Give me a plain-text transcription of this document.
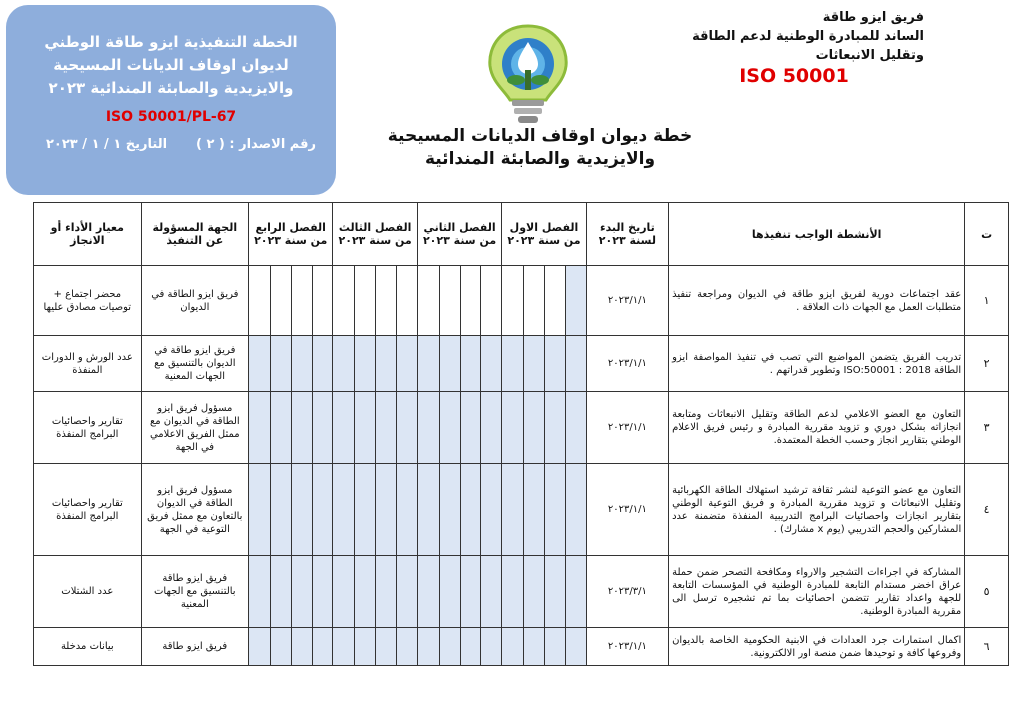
الخطة التنفيذية ايزو طاقة الوطني
لديوان اوقاف الديانات المسيحية
والايزيدية والصابئة المندائية ٢٠٢٣
ISO 50001/PL-67
رقم الاصدار : ( ٢ )
التاريخ ١ / ١ / ٢٠٢٣
فريق ايزو طاقة
الساند للمبادرة الوطنية لدعم الطاقة
وتقليل الانبعاثات
ISO 50001
خطة ديوان اوقاف الديانات المسيحية
والايزيدية والصابئة المندائية
ت	الأنشطة الواجب تنفيذها	تاريخ البدء لسنة ٢٠٢٣	الفصل الاول من سنة ٢٠٢٣				الفصل الثاني من سنة ٢٠٢٣				الفصل الثالث من سنة ٢٠٢٣				الفصل الرابع من سنة ٢٠٢٣				الجهة المسؤولة عن التنفيذ	معيار الأداء أو الانجاز
١	عقد اجتماعات دورية لفريق ايزو طاقة في الديوان ومراجعة تنفيذ متطلبات العمل مع الجهات ذات العلاقة .	٢٠٢٣/١/١																	فريق ايزو الطاقة في الديوان	محضر اجتماع + توصيات مصادق عليها
٢	تدريب الفريق يتضمن المواضيع التي تصب في تنفيذ المواصفة ايزو الطاقة ISO:50001 : 2018 وتطوير قدراتهم .	٢٠٢٣/١/١																	فريق ايزو طاقة في الديوان بالتنسيق مع الجهات المعنية	عدد الورش و الدورات المنفذة
٣	التعاون مع العضو الاعلامي لدعم الطاقة وتقليل الانبعاثات ومتابعة انجازاته بشكل دوري و تزويد مقررية المبادرة و رئيس فريق الاعلام الوطني بتقارير انجاز وحسب الخطة المعتمدة.	٢٠٢٣/١/١																	مسؤول فريق ايزو الطاقة في الديوان مع ممثل الفريق الاعلامي في الجهة	تقارير واحصائيات البرامج المنفذة
٤	التعاون مع عضو التوعية لنشر ثقافة ترشيد استهلاك الطاقة الكهربائية وتقليل الانبعاثات و تزويد مقررية المبادرة و فريق التوعية الوطني بتقارير انجازات واحصائيات البرامج التدريبية المنفذة متضمنة عدد المشاركين والحجم التدريبي (يوم x مشارك) .	٢٠٢٣/١/١																	مسؤول فريق ايزو الطاقة في الديوان بالتعاون مع ممثل فريق التوعية في الجهة	تقارير واحصائيات البرامج المنفذة
٥	المشاركة في اجراءات التشجير والارواء ومكافحة التصحر ضمن حملة عراق اخضر مستدام التابعة للمبادرة الوطنية في المؤسسات التابعة للجهة واعداد تقارير تتضمن احصائيات بما تم تشجيره ترسل الى مقررية المبادرة الوطنية.	٢٠٢٣/٣/١																	فريق ايزو طاقة بالتنسيق مع الجهات المعنية	عدد الشتلات
٦	اكمال استمارات جرد العدادات في الابنية الحكومية الخاصة بالديوان وفروعها كافة و توحيدها ضمن منصة اور الالكترونية.	٢٠٢٣/١/١																	فريق ايزو طاقة	بيانات مدخلة
